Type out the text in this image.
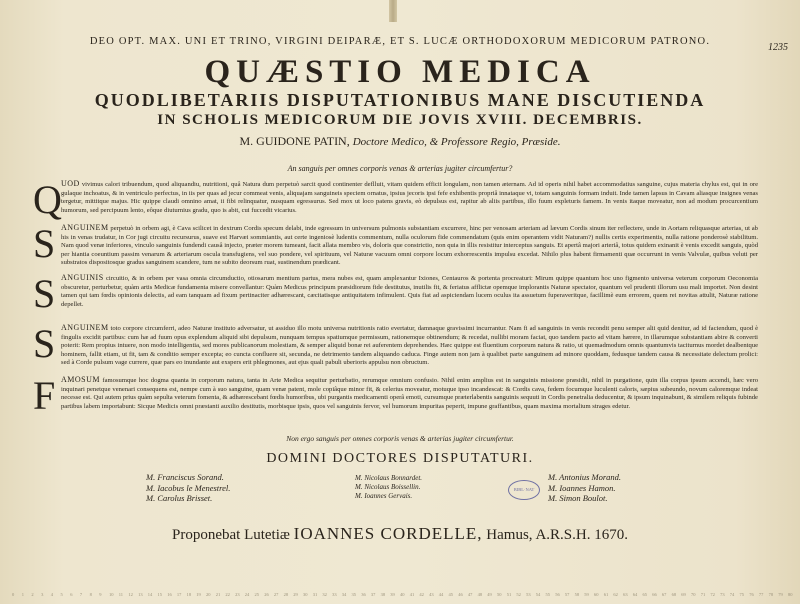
DEO OPT. MAX. UNI ET TRINO, VIRGINI DEIPARÆ, ET S. LUCÆ ORTHODOXORUM MEDICORUM PATRONO.
1235
QUÆSTIO MEDICA
QUODLIBETARIIS DISPUTATIONIBUS MANE DISCUTIENDA
IN SCHOLIS MEDICORUM DIE JOVIS XVIII. DECEMBRIS.
M. GUIDONE PATIN, Doctore Medico, & Professore Regio, Præside.
An sanguis per omnes corporis venas & arterias jugiter circumfertur?
Q UOD vivimus calori tribuendum, quod aliquandiu, nutritioni, quâ Natura dum perpetuò sarcit quod continenter deflluit, vitam quidem efficit longulam, non tamen æternam. Ad id operis nihil habet accommodatius sanguine, cujus materia chylus est, qui in ore gulaque inchoatus, & in ventriculo perfectus, in iis per quas ad jecur commeat venis, aliquajam sanguineis speciem ornatus, ipsius jecoris ipsi fefe exhibentis propriâ innataque vi, totam sanguinis formam induit. Inde tamen lapsus in Cavam aliasque insignes venas tergetur, mittitque majus. Hic quippe claudi omnino amat, ii fibi relinquatur, nusquam egressurus. Sed mox ut loco patens gravis, eò depulsus est, rapitur ab aliis partibus, illo fuum expleturis famem. In venis itaque moveatur, non ad modum procurcentium humorum, sed percipuum lento, eôque diuturnius gradu, quo is abit, cui fuccedit vicarius.
S ANGUINEM perpetuò in orbem agi, è Cava scilicet in dextrum Cordis specum delabi, inde egressum in universum pulmonis substantiam excurrere, hinc per venosam arteriam ad lævum Cordis sinum iter reflectere, unde in Aortam reliquasque arterias, ut ab his in venas trudatur, in Cor jugi circuitu recursurus, suave est Harvæi sommiantis, aut certe ingeniosè ludentis commentum, nulla oculorum fide commendatum (quis enim operantem vidit Naturam?) nullis certis experimentis, nulla ratione ponderosè stabilitum. Nam quod venæ inferiores, vinculo sanguinis fundendi causâ injecto, præter morem tumeant, facit allata membro vis, doloris que constrictio, non quia in illis resistitur interceptus sanguis. Et apertâ majori arteriâ, totus quidem exinanit è venis excedit sanguis, quòd per hiantia coeuntium passim venarum & arteriarum oscula transfugiens, vel suo pondere, vel spirituum, vel Naturæ vacuum omni corpore locum exhorrescentis impulsu excedat. Nihilo plus habent firmamenti quæ occurrunt in venis Valvulæ, quibus veluti per substratos dispositosque gradus sanguinem scandere, tum ne subito deorsum ruat, sustinendum prædicant.
S ANGUINIS circuitio, & in orbem per vasa omnia circumductio, otiosarum mentium partus, mera nubes est, quam amplexantur Ixiones, Centauros & portenta procreaturi: Mirum quippe quantum hoc uno figmento universa veterum corporum Oeconomia obscuretur, perturbetur, quàm artis Medicæ fundamenta misere convellantur: Quàm Medicus principum præsidiorum fide destitutus, inutilis fit, & feriatus afflictæ opemque implorantis Naturæ spectator, quantum vel prudenti illorum usu mali importet. Non desint tamen qui tam fœdis opinionis delectis, ad eam tanquam ad fixum pertinaciter adhærescant, cæcitatisque antiquitatem infimulent. Quis fiat ad aspiciendam lucem oculus ita assuetum fuperaveritque, facillimè eum errorem, quem rei novitas attulit, Naturæ ratione depellet.
S ANGUINEM toto corpore circumferri, adeo Naturæ instituto adversatur, ut assiduo illo motu universa nutritionis ratio evertatur, damnaque gravissimi incurrantur. Nam fi ad sanguinis in venis recondit penu semper alii quid denitur, ad id faciendum, quod è fingulis excidit partibus: cum hæ ad fuum opus explendum aliquid sibi depulsum, nunquam tempus spatiumque permissum, rationemque obtinendum; & recedat, nullibi moram faciat, quo tandem pacto ad vitam hærere, in illarumque substantiam abire & converti poterit: Rem propius intuere, non modo intelligentia, sed mores publicanorum molestiam, & semper aliquid bonæ rei auferentem deprehendes. Hæc quippe est fluentium corporum natura & ratio, ut quemadmodum omnis quantumvis taciturnus mordet dealbentque hominem, fallit etiam, ut fit, tam & conditio semper excepta; eo cuncta confluere sit, secunda, ne detrimento tandem aliquando caduca. Finge autem non jam à qualibet parte sanguinem ad minore quoddam, fedusque tandem causa & necessitate delectum prolici: sed à Corde pulsum vage currere, quæ pars eo inundante aut exspers erit phlegmones, aut ejus quali pabuli uberioris appulsu non obructum.
F AMOSUM famosumque hoc dogma quanta in corporum natura, tanta in Arte Medica sequitur perturbatio, rerumque omnium confusio. Nihil enim amplius est in sanguinis missione præsidii, nihil in purgatione, quin illa corpus ipsum accendi, hæc vero inquinari penetque venenari consequens est, nempe cum à suo sanguine, quam venæ patent, mole copiâque minor fit, & celerius moveatur, motuque ipso incandescat: & Cordis cava, fedem focumque luculenti caloris, sæpius subeundo, novum caloremque indeat necesse est. Qui autem prius quàm sepulta veterum fomenta, & adhærescebant fœdis humoribus, ubi purgantis medicamenti operâ emoti, cursumque præterlabentis sanguinis sequuti in Cordis penetralia deducentur, & ipsum inquinabunt, & similem reliquis fubinde partibus labem importabunt: Sicque Medicis omni præstanti auxilio destitutis, morbisque ipsis, quos vel sanguinis fervor, vel humorum impuritas peperit, impune graffantibus, quam maxima mortalium strages edetur.
Non ergo sanguis per omnes corporis venas & arterias jugiter circumfertur.
DOMINI DOCTORES DISPUTATURI.
M. Franciscus Sorand.
M. Iacobus le Menestrel.
M. Carolus Brisset.
M. Nicolaus Bonnardet.
M. Nicolaus Boissellin.
M. Ioannes Gervais.
BIBL·NAT
M. Antonius Morand.
M. Ioannes Hamon.
M. Simon Boulot.
Proponebat Lutetiæ IOANNES CORDELLE, Hamus, A.R.S.H. 1670.
0 1 2 3 4 5 6 7 8 9 10 11 12 13 14 15 16 17 18 19 20 21 22 23 24 25 26 27 28 29 30 31 32 33 34 35 36 37 38 39 40 41 42 43 44 45 46 47 48 49 50 51 52 53 54 55 56 57 58 59 60 61 62 63 64 65 66 67 68 69 70 71 72 73 74 75 76 77 78 79 80
